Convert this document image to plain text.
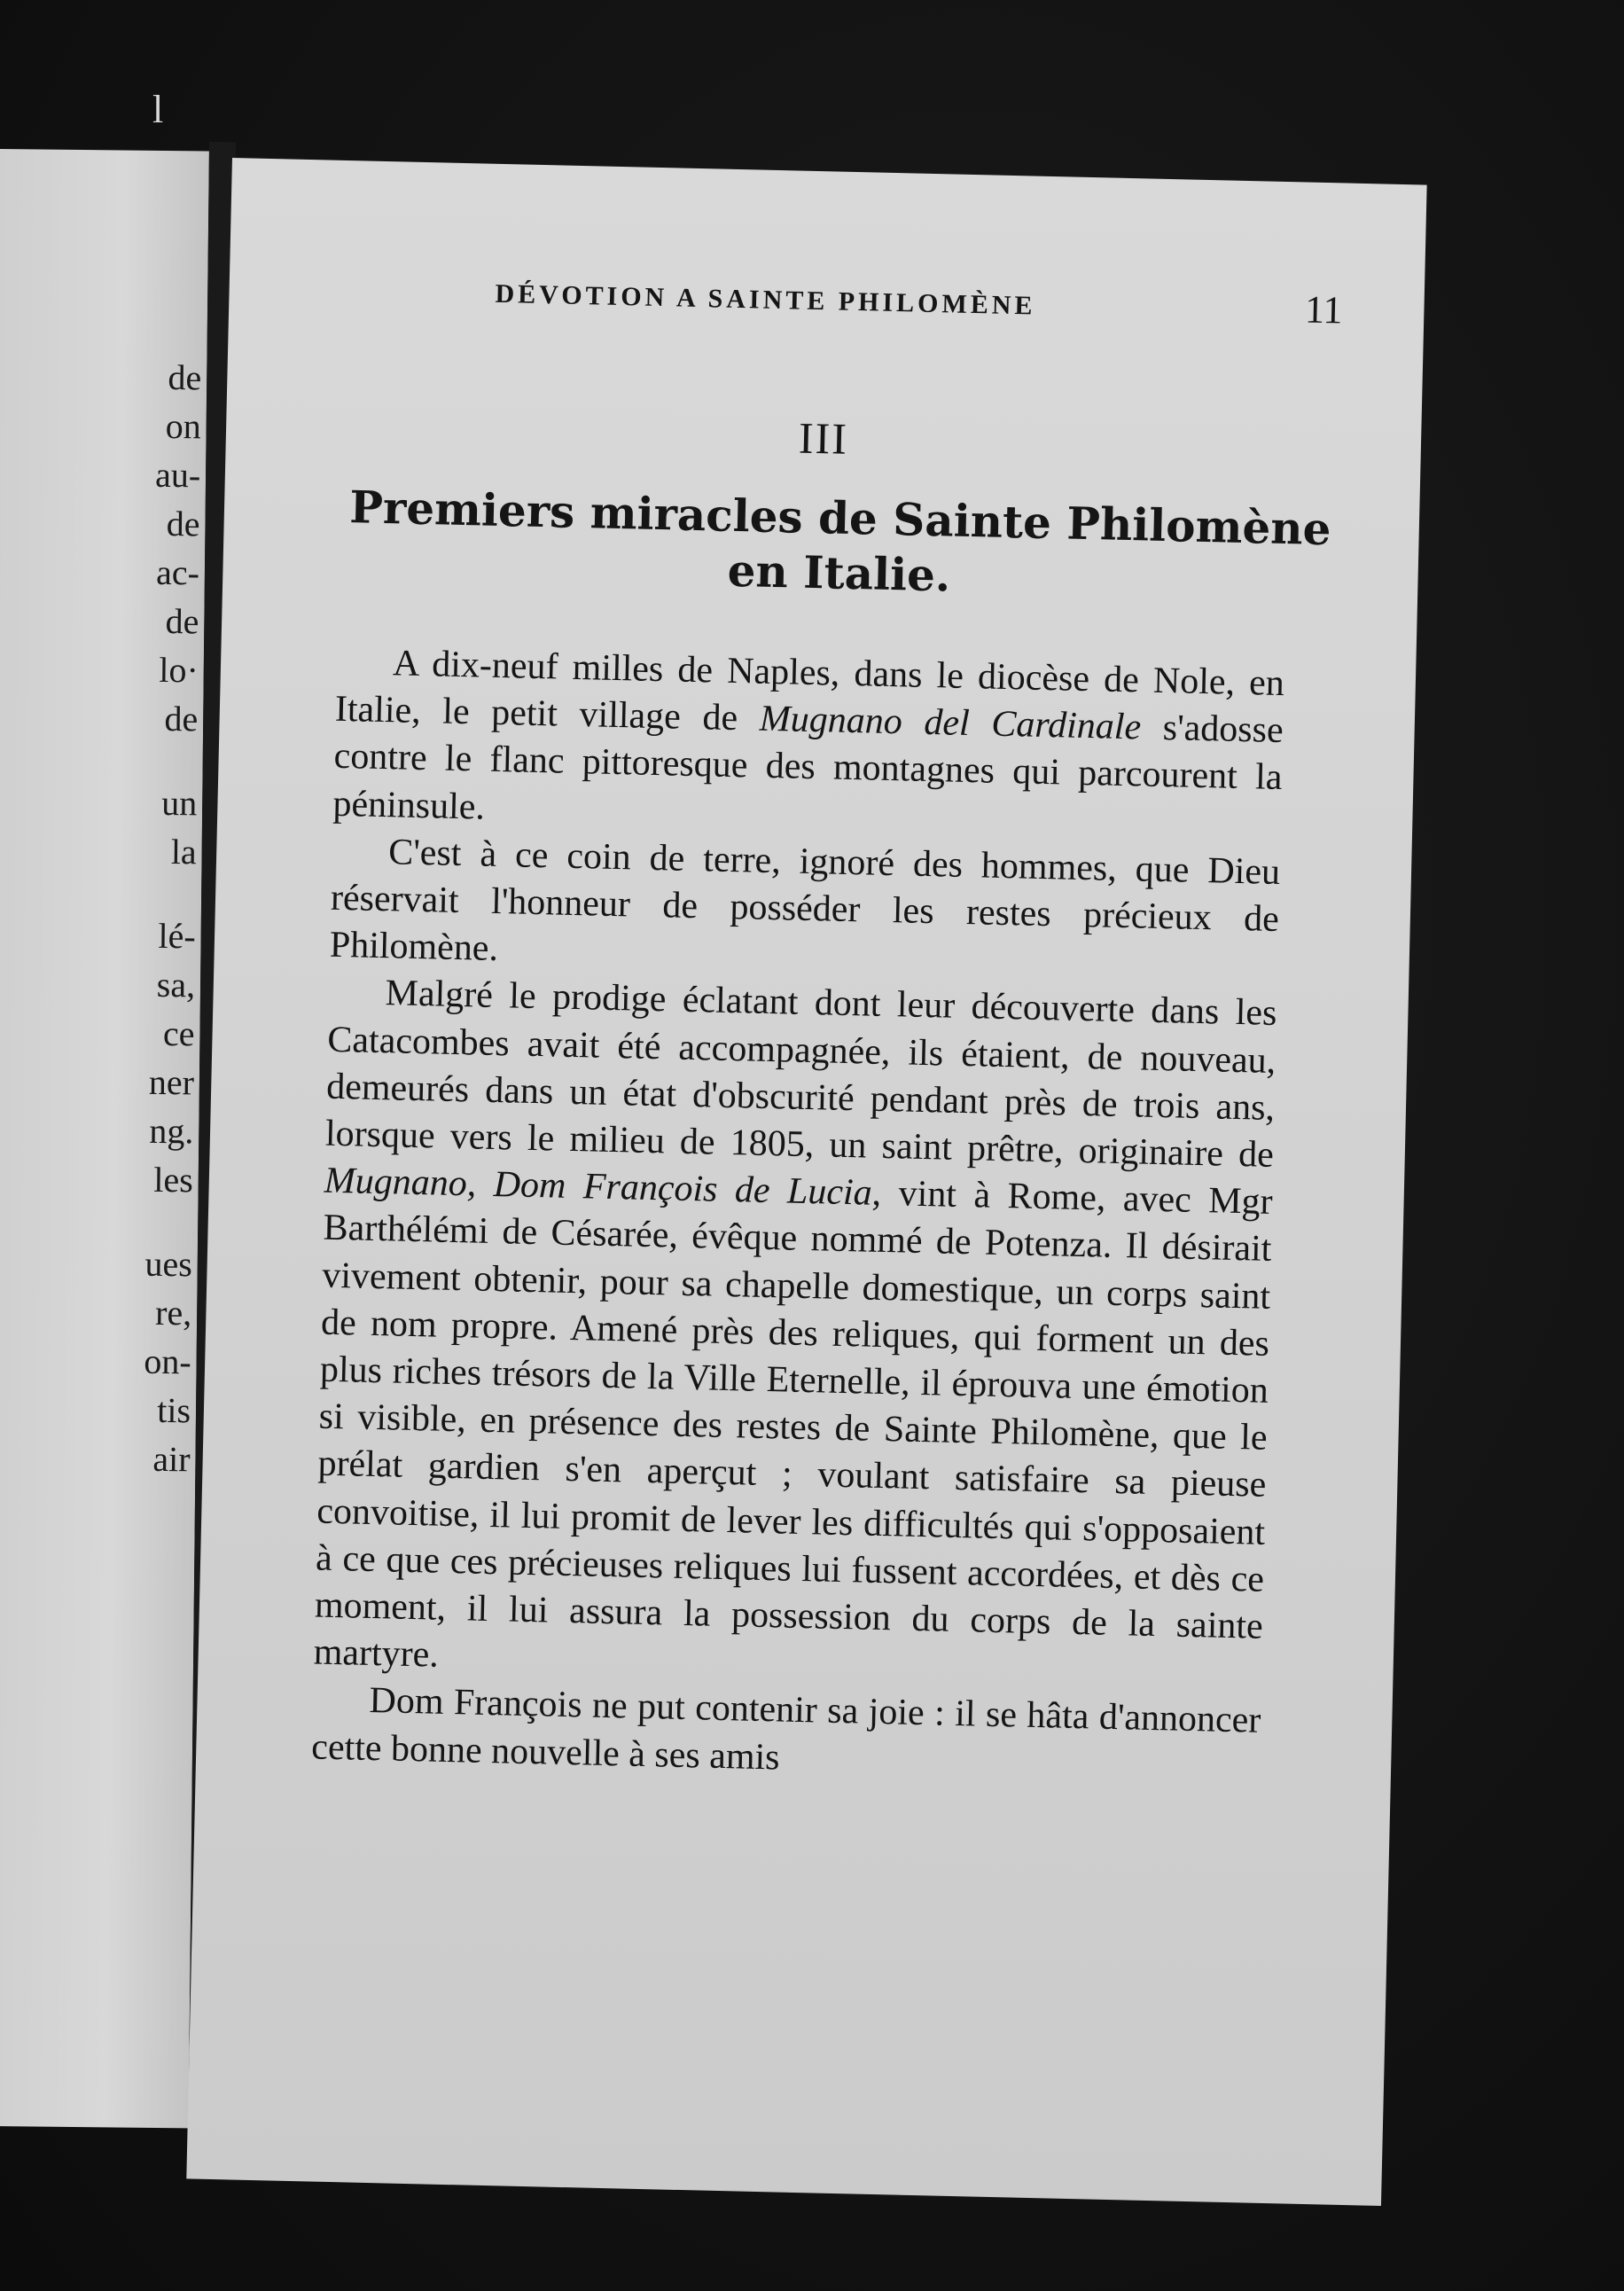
l
de
on
au-
de
ac-
de
lo·
de
un
la
lé-
sa,
ce
ner
ng.
les
ues
re,
on-
tis
air
DÉVOTION A SAINTE PHILOMÈNE	11
III
Premiers miracles de Sainte Philomène
en Italie.

A dix-neuf milles de Naples, dans le diocèse de Nole, en Italie, le petit village de Mugnano del Cardinale s'adosse contre le flanc pittoresque des montagnes qui parcourent la péninsule.

C'est à ce coin de terre, ignoré des hommes, que Dieu réservait l'honneur de posséder les restes précieux de Philomène.

Malgré le prodige éclatant dont leur découverte dans les Catacombes avait été accompagnée, ils étaient, de nouveau, demeurés dans un état d'obscurité pendant près de trois ans, lorsque vers le milieu de 1805, un saint prêtre, originaire de Mugnano, Dom François de Lucia, vint à Rome, avec Mgr Barthélémi de Césarée, évêque nommé de Potenza. Il désirait vivement obtenir, pour sa chapelle domestique, un corps saint de nom propre. Amené près des reliques, qui forment un des plus riches trésors de la Ville Eternelle, il éprouva une émotion si visible, en présence des restes de Sainte Philomène, que le prélat gardien s'en aperçut ; voulant satisfaire sa pieuse convoitise, il lui promit de lever les difficultés qui s'opposaient à ce que ces précieuses reliques lui fussent accordées, et dès ce moment, il lui assura la possession du corps de la sainte martyre.

Dom François ne put contenir sa joie : il se hâta d'annoncer cette bonne nouvelle à ses amis
